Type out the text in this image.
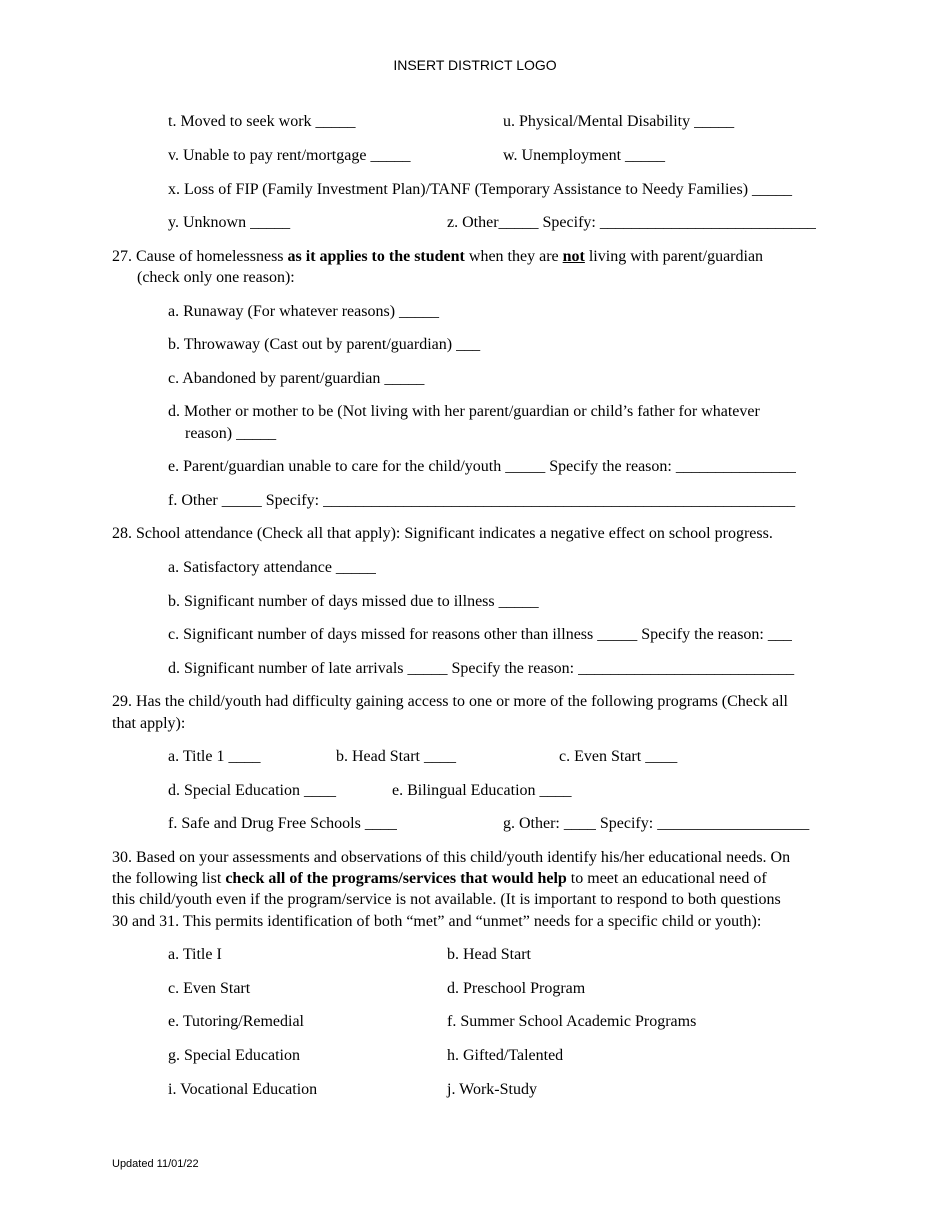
INSERT DISTRICT LOGO
t. Moved to seek work _____	u. Physical/Mental Disability _____
v. Unable to pay rent/mortgage _____	w. Unemployment _____
x. Loss of FIP (Family Investment Plan)/TANF (Temporary Assistance to Needy Families) _____
y. Unknown _____	z. Other_____ Specify: ___________________________
27. Cause of homelessness as it applies to the student when they are not living with parent/guardian
(check only one reason):
a. Runaway (For whatever reasons) _____
b. Throwaway (Cast out by parent/guardian) ___
c. Abandoned by parent/guardian _____
d. Mother or mother to be (Not living with her parent/guardian or child’s father for whatever
reason) _____
e. Parent/guardian unable to care for the child/youth _____ Specify the reason: _______________
f. Other _____ Specify: ___________________________________________________________
28. School attendance (Check all that apply): Significant indicates a negative effect on school progress.
a. Satisfactory attendance _____
b. Significant number of days missed due to illness _____
c. Significant number of days missed for reasons other than illness _____ Specify the reason: ___
d. Significant number of late arrivals _____ Specify the reason: ___________________________
29. Has the child/youth had difficulty gaining access to one or more of the following programs (Check all
that apply):
a. Title 1 ____	b. Head Start ____	c. Even Start ____
d. Special Education ____	e. Bilingual Education ____
f. Safe and Drug Free Schools ____	g. Other: ____ Specify: ___________________
30. Based on your assessments and observations of this child/youth identify his/her educational needs. On
the following list check all of the programs/services that would help to meet an educational need of
this child/youth even if the program/service is not available. (It is important to respond to both questions
30 and 31. This permits identification of both “met” and “unmet” needs for a specific child or youth):
a. Title I	b. Head Start
c. Even Start	d. Preschool Program
e. Tutoring/Remedial	f. Summer School Academic Programs
g. Special Education	h. Gifted/Talented
i. Vocational Education	j. Work-Study
Updated 11/01/22
